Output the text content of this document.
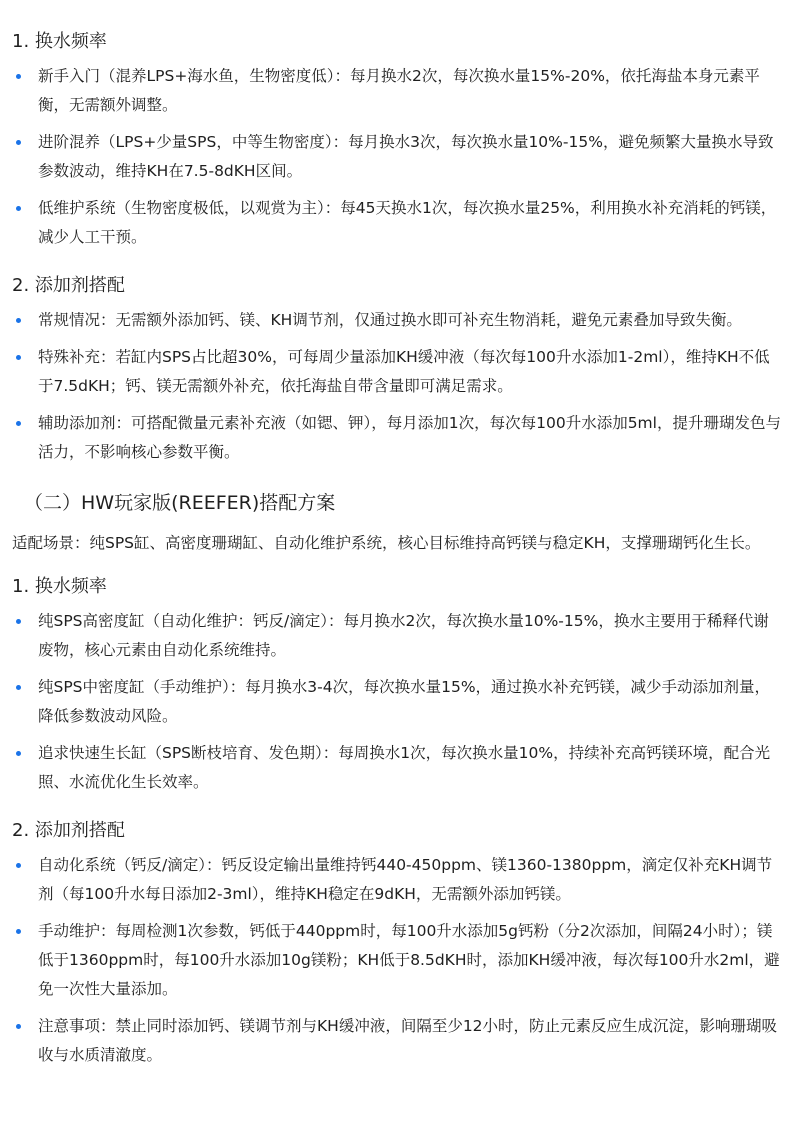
1. 换水频率
新手入门（混养LPS+海水鱼，生物密度低）：每月换水2次，每次换水量15%-20%，依托海盐本身元素平衡，无需额外调整。
进阶混养（LPS+少量SPS，中等生物密度）：每月换水3次，每次换水量10%-15%，避免频繁大量换水导致参数波动，维持KH在7.5-8dKH区间。
低维护系统（生物密度极低，以观赏为主）：每45天换水1次，每次换水量25%，利用换水补充消耗的钙镁，减少人工干预。
2. 添加剂搭配
常规情况：无需额外添加钙、镁、KH调节剂，仅通过换水即可补充生物消耗，避免元素叠加导致失衡。
特殊补充：若缸内SPS占比超30%，可每周少量添加KH缓冲液（每次每100升水添加1-2ml），维持KH不低于7.5dKH；钙、镁无需额外补充，依托海盐自带含量即可满足需求。
辅助添加剂：可搭配微量元素补充液（如锶、钾），每月添加1次，每次每100升水添加5ml，提升珊瑚发色与活力，不影响核心参数平衡。
（二）HW玩家版(REEFER)搭配方案
适配场景：纯SPS缸、高密度珊瑚缸、自动化维护系统，核心目标维持高钙镁与稳定KH，支撑珊瑚钙化生长。
1. 换水频率
纯SPS高密度缸（自动化维护：钙反/滴定）：每月换水2次，每次换水量10%-15%，换水主要用于稀释代谢废物，核心元素由自动化系统维持。
纯SPS中密度缸（手动维护）：每月换水3-4次，每次换水量15%，通过换水补充钙镁，减少手动添加剂量，降低参数波动风险。
追求快速生长缸（SPS断枝培育、发色期）：每周换水1次，每次换水量10%，持续补充高钙镁环境，配合光照、水流优化生长效率。
2. 添加剂搭配
自动化系统（钙反/滴定）：钙反设定输出量维持钙440-450ppm、镁1360-1380ppm，滴定仅补充KH调节剂（每100升水每日添加2-3ml），维持KH稳定在9dKH，无需额外添加钙镁。
手动维护：每周检测1次参数，钙低于440ppm时，每100升水添加5g钙粉（分2次添加，间隔24小时）；镁低于1360ppm时，每100升水添加10g镁粉；KH低于8.5dKH时，添加KH缓冲液，每次每100升水2ml，避免一次性大量添加。
注意事项：禁止同时添加钙、镁调节剂与KH缓冲液，间隔至少12小时，防止元素反应生成沉淀，影响珊瑚吸收与水质清澈度。
